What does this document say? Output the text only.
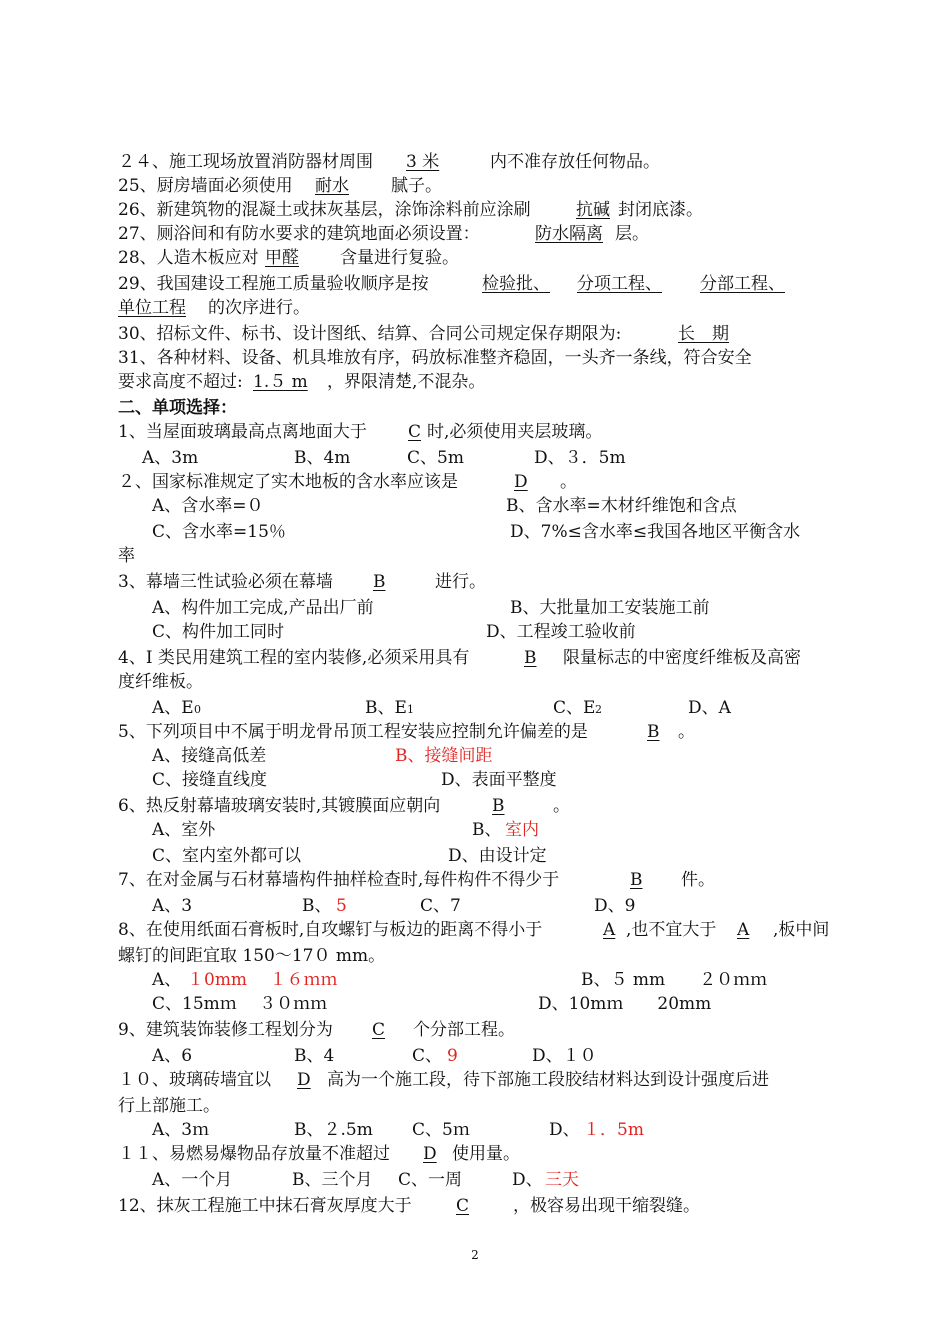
２４、施工现场放置消防器材周围	3 米	内不准存放任何物品。
25、厨房墙面必须使用	耐水	腻子。
26、新建筑物的混凝土或抹灰基层，涂饰涂料前应涂刷	抗碱 封闭底漆。
27、厕浴间和有防水要求的建筑地面必须设置：	防水隔离 层。
28、人造木板应对 甲醛	含量进行复验。
29、我国建设工程施工质量验收顺序是按	检验批、	分项工程、	分部工程、
单位工程 的次序进行。
30、招标文件、标书、设计图纸、结算、合同公司规定保存期限为:	长　期
31、各种材料、设备、机具堆放有序，码放标准整齐稳固，一头齐一条线，符合安全
要求高度不超过: 1.５ m ，界限清楚,不混杂。
二、单项选择：
1、当屋面玻璃最高点离地面大于	C 时,必须使用夹层玻璃。
A、3m	B、4m	C、5m	D、３．5m
２、国家标准规定了实木地板的含水率应该是	D	。
A、含水率=０	B、含水率=木材纤维饱和含点
C、含水率=15％	D、7%≤含水率≤我国各地区平衡含水
率
3、幕墙三性试验必须在幕墙	B	进行。
A、构件加工完成,产品出厂前	B、大批量加工安装施工前
C、构件加工同时	D、工程竣工验收前
4、I 类民用建筑工程的室内装修,必须采用具有	B	限量标志的中密度纤维板及高密
度纤维板。
A、E 0	B、E 1	C、E 2	D、A
5、下列项目中不属于明龙骨吊顶工程安装应控制允许偏差的是	B	。
A、接缝高低差	B、接缝间距
C、接缝直线度	D、表面平整度
6、热反射幕墙玻璃安装时,其镀膜面应朝向	B	。
A、室外	B、 室内
C、室内室外都可以	D、由设计定
7、在对金属与石材幕墙构件抽样检查时,每件构件不得少于	B	件。
A、3	B、 5	C、7	D、9
8、在使用纸面石膏板时,自攻螺钉与板边的距离不得小于	A ,也不宜大于	A	,板中间
螺钉的间距宜取 150～17０ mm。
A、 １0mm　 １６ｍｍ	B、５ mm　　２０ｍｍ
C、15mｍ　 ３０ｍｍ	D、10mｍ　　20mm
9、建筑装饰装修工程划分为	C	个分部工程。
A、6	B、4	C、 9	D、１０
１０、玻璃砖墙宜以	D 高为一个施工段，待下部施工段胶结材料达到设计强度后进
行上部施工。
A、3ｍ	B、２.5m C、5ｍ	D、 １．5m
１１、易燃易爆物品存放量不准超过	D 使用量。
A、一个月	B、三个月 C、一周	D、 三天
12、抹灰工程施工中抹石膏灰厚度大于	C	，极容易出现干缩裂缝。
2
